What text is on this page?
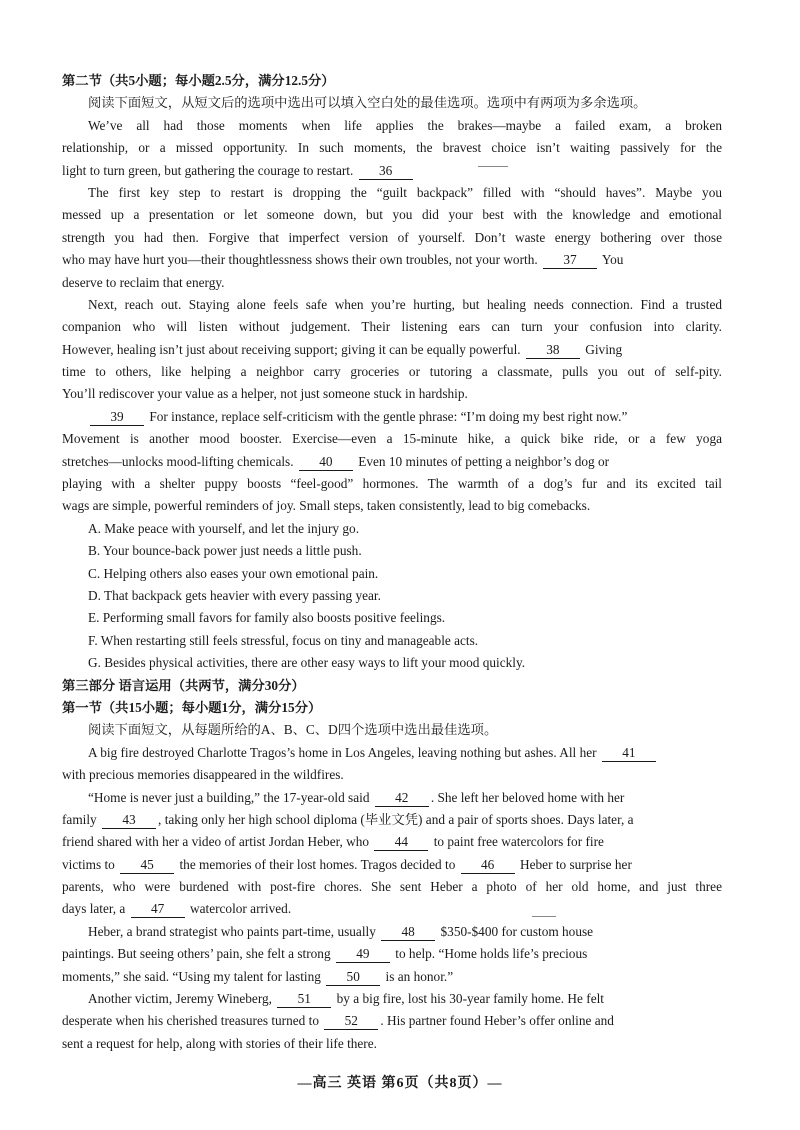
第二节（共5小题；每小题2.5分，满分12.5分）
阅读下面短文，从短文后的选项中选出可以填入空白处的最佳选项。选项中有两项为多余选项。
We’ve all had those moments when life applies the brakes—maybe a failed exam, a broken
relationship, or a missed opportunity. In such moments, the bravest choice isn’t waiting passively for the
light to turn green, but gathering the courage to restart. 36
The first key step to restart is dropping the “guilt backpack” filled with “should haves”. Maybe you
messed up a presentation or let someone down, but you did your best with the knowledge and emotional
strength you had then. Forgive that imperfect version of yourself. Don’t waste energy bothering over those
who may have hurt you—their thoughtlessness shows their own troubles, not your worth. 37 You
deserve to reclaim that energy.
Next, reach out. Staying alone feels safe when you’re hurting, but healing needs connection. Find a trusted
companion who will listen without judgement. Their listening ears can turn your confusion into clarity.
However, healing isn’t just about receiving support; giving it can be equally powerful. 38 Giving
time to others, like helping a neighbor carry groceries or tutoring a classmate, pulls you out of self-pity.
You’ll rediscover your value as a helper, not just someone stuck in hardship.
39 For instance, replace self-criticism with the gentle phrase: “I’m doing my best right now.”
Movement is another mood booster. Exercise—even a 15-minute hike, a quick bike ride, or a few yoga
stretches—unlocks mood-lifting chemicals. 40 Even 10 minutes of petting a neighbor’s dog or
playing with a shelter puppy boosts “feel-good” hormones. The warmth of a dog’s fur and its excited tail
wags are simple, powerful reminders of joy. Small steps, taken consistently, lead to big comebacks.
A. Make peace with yourself, and let the injury go.
B. Your bounce-back power just needs a little push.
C. Helping others also eases your own emotional pain.
D. That backpack gets heavier with every passing year.
E. Performing small favors for family also boosts positive feelings.
F. When restarting still feels stressful, focus on tiny and manageable acts.
G. Besides physical activities, there are other easy ways to lift your mood quickly.
第三部分 语言运用（共两节，满分30分）
第一节（共15小题；每小题1分，满分15分）
阅读下面短文，从每题所给的A、B、C、D四个选项中选出最佳选项。
A big fire destroyed Charlotte Tragos’s home in Los Angeles, leaving nothing but ashes. All her 41
with precious memories disappeared in the wildfires.
“Home is never just a building,” the 17-year-old said 42 . She left her beloved home with her
family 43 , taking only her high school diploma (毕业文凭) and a pair of sports shoes. Days later, a
friend shared with her a video of artist Jordan Heber, who 44 to paint free watercolors for fire
victims to 45 the memories of their lost homes. Tragos decided to 46 Heber to surprise her
parents, who were burdened with post-fire chores. She sent Heber a photo of her old home, and just three
days later, a 47 watercolor arrived.
Heber, a brand strategist who paints part-time, usually 48 $350-$400 for custom house
paintings. But seeing others’ pain, she felt a strong 49 to help. “Home holds life’s precious
moments,” she said. “Using my talent for lasting 50 is an honor.”
Another victim, Jeremy Wineberg, 51 by a big fire, lost his 30-year family home. He felt
desperate when his cherished treasures turned to 52 . His partner found Heber’s offer online and
sent a request for help, along with stories of their life there.
—高三 英语 第6页（共8页）—
